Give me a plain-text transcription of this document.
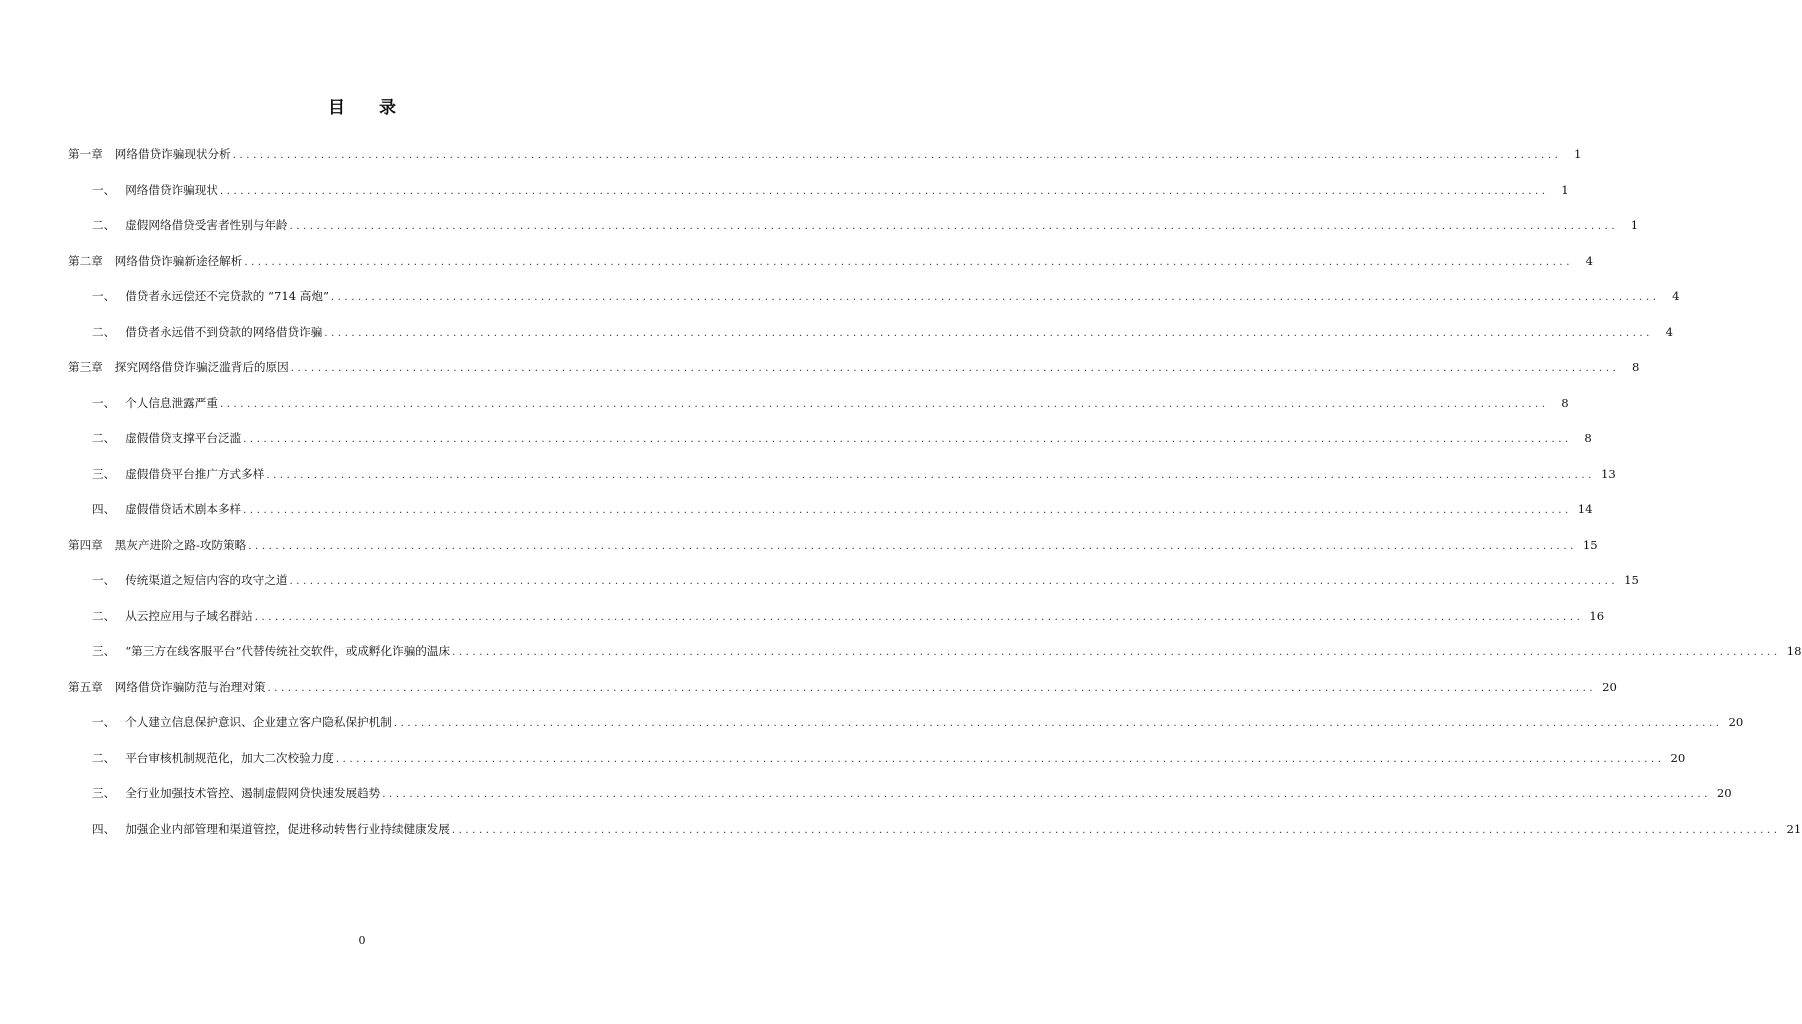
目 录
第一章 网络借贷诈骗现状分析 .....	1
一、 网络借贷诈骗现状 .....	1
二、 虚假网络借贷受害者性别与年龄 .....	1
第二章 网络借贷诈骗新途径解析 .....	4
一、 借贷者永远偿还不完贷款的 “714 高炮” .....	4
二、 借贷者永远借不到贷款的网络借贷诈骗 .....	4
第三章 探究网络借贷诈骗泛滥背后的原因 .....	8
一、 个人信息泄露严重 .....	8
二、 虚假借贷支撑平台泛滥 .....	8
三、 虚假借贷平台推广方式多样 .....	13
四、 虚假借贷话术剧本多样 .....	14
第四章 黑灰产进阶之路-攻防策略 .....	15
一、 传统渠道之短信内容的攻守之道 .....	15
二、 从云控应用与子域名群站 .....	16
三、 “第三方在线客服平台”代替传统社交软件，或成孵化诈骗的温床 .....	18
第五章 网络借贷诈骗防范与治理对策 .....	20
一、 个人建立信息保护意识、企业建立客户隐私保护机制 .....	20
二、 平台审核机制规范化，加大二次校验力度 .....	20
三、 全行业加强技术管控、遏制虚假网贷快速发展趋势 .....	20
四、 加强企业内部管理和渠道管控，促进移动转售行业持续健康发展 .....	21
0
